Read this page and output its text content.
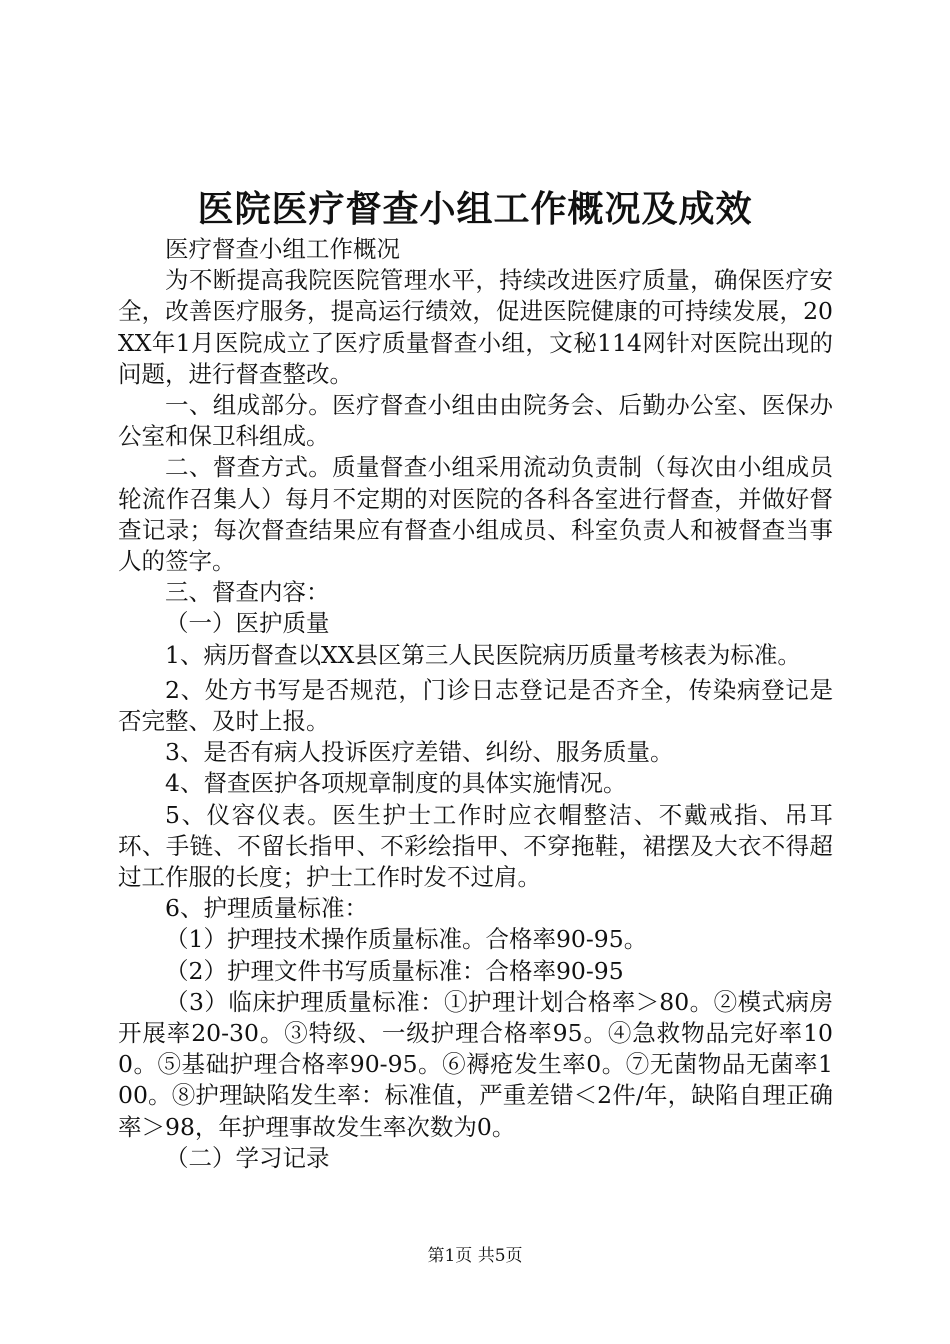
医院医疗督查小组工作概况及成效

医疗督查小组工作概况

为不断提高我院医院管理水平，持续改进医疗质量，确保医疗安全，改善医疗服务，提高运行绩效，促进医院健康的可持续发展，20XX年1月医院成立了医疗质量督查小组，文秘114网针对医院出现的问题，进行督查整改。

一、组成部分。医疗督查小组由由院务会、后勤办公室、医保办公室和保卫科组成。

二、督查方式。质量督查小组采用流动负责制（每次由小组成员轮流作召集人）每月不定期的对医院的各科各室进行督查，并做好督查记录；每次督查结果应有督查小组成员、科室负责人和被督查当事人的签字。

三、督查内容：

（一）医护质量

1、病历督查以XX县区第三人民医院病历质量考核表为标准。

2、处方书写是否规范，门诊日志登记是否齐全，传染病登记是否完整、及时上报。

3、是否有病人投诉医疗差错、纠纷、服务质量。

4、督查医护各项规章制度的具体实施情况。

5、仪容仪表。医生护士工作时应衣帽整洁、不戴戒指、吊耳环、手链、不留长指甲、不彩绘指甲、不穿拖鞋，裙摆及大衣不得超过工作服的长度；护士工作时发不过肩。

6、护理质量标准：

（1）护理技术操作质量标准。合格率90-95。

（2）护理文件书写质量标准：合格率90-95

（3）临床护理质量标准：①护理计划合格率＞80。②模式病房开展率20-30。③特级、一级护理合格率95。④急救物品完好率100。⑤基础护理合格率90-95。⑥褥疮发生率0。⑦无菌物品无菌率100。⑧护理缺陷发生率：标准值，严重差错＜2件/年，缺陷自理正确率＞98，年护理事故发生率次数为0。

（二）学习记录

第1页 共5页
